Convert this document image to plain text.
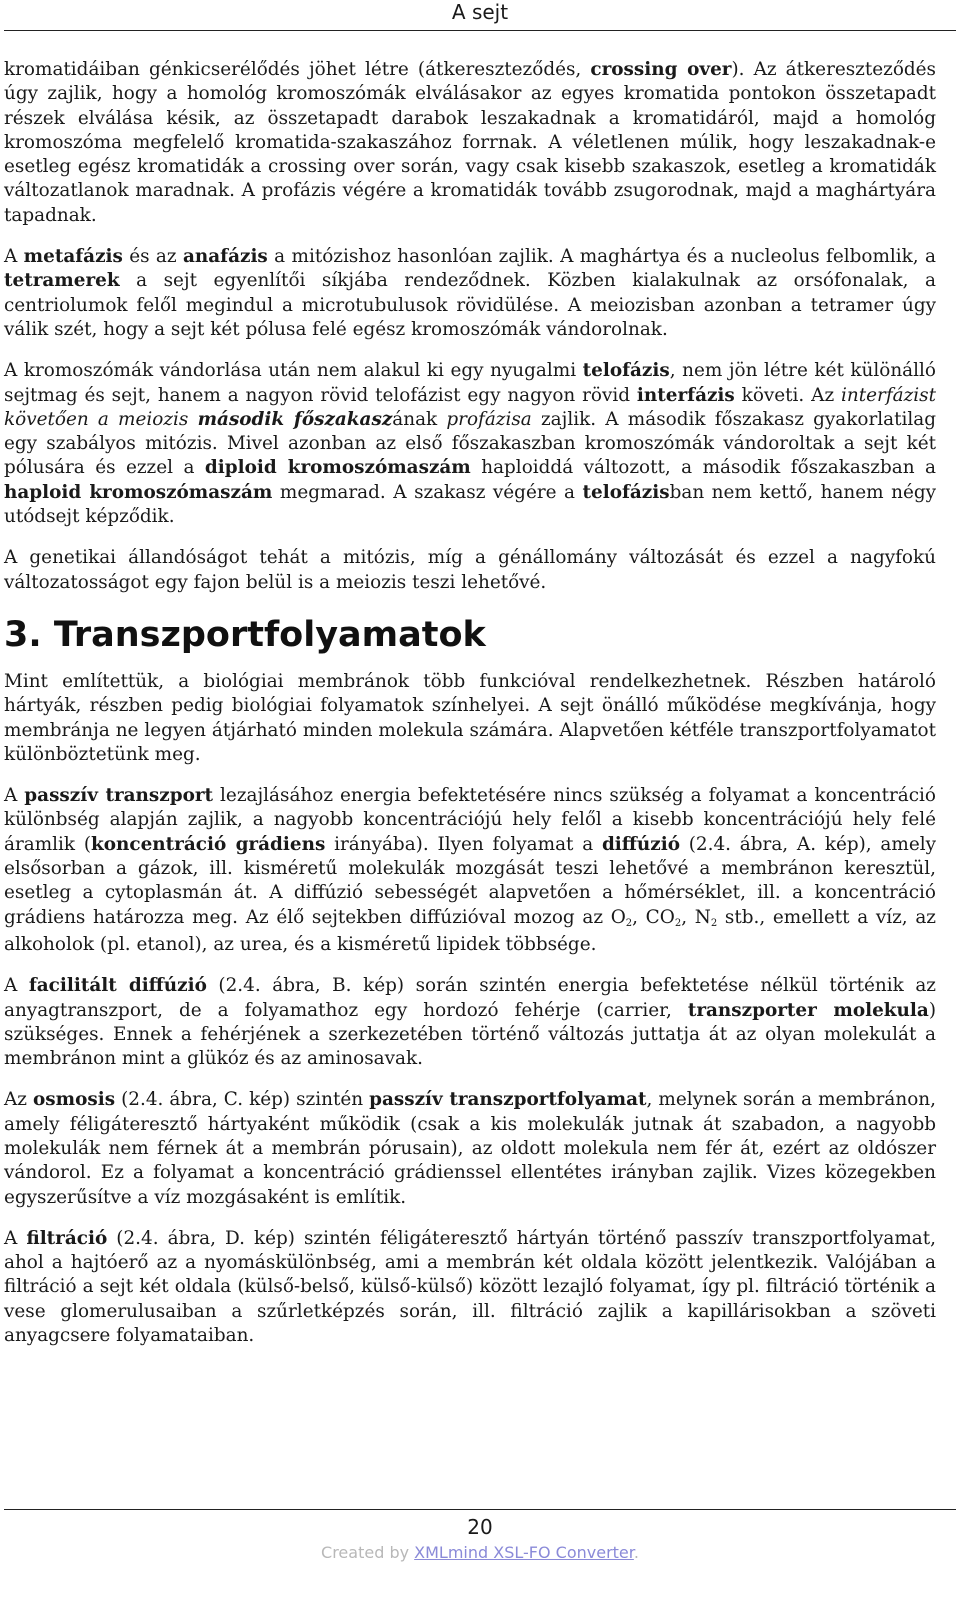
A sejt

kromatidáiban génkicserélődés jöhet létre (átkereszteződés, crossing over). Az átkereszteződés úgy zajlik, hogy a homológ kromoszómák elválásakor az egyes kromatida pontokon összetapadt részek elválása késik, az összetapadt darabok leszakadnak a kromatidáról, majd a homológ kromoszóma megfelelő kromatida-szakaszához forrnak. A véletlenen múlik, hogy leszakadnak-e esetleg egész kromatidák a crossing over során, vagy csak kisebb szakaszok, esetleg a kromatidák változatlanok maradnak. A profázis végére a kromatidák tovább zsugorodnak, majd a maghártyára tapadnak.

A metafázis és az anafázis a mitózishoz hasonlóan zajlik. A maghártya és a nucleolus felbomlik, a tetramerek a sejt egyenlítői síkjába rendeződnek. Közben kialakulnak az orsófonalak, a centriolumok felől megindul a microtubulusok rövidülése. A meiozisban azonban a tetramer úgy válik szét, hogy a sejt két pólusa felé egész kromoszómák vándorolnak.

A kromoszómák vándorlása után nem alakul ki egy nyugalmi telofázis, nem jön létre két különálló sejtmag és sejt, hanem a nagyon rövid telofázist egy nagyon rövid interfázis követi. Az interfázist követően a meiozis második főszakaszának profázisa zajlik. A második főszakasz gyakorlatilag egy szabályos mitózis. Mivel azonban az első főszakaszban kromoszómák vándoroltak a sejt két pólusára és ezzel a diploid kromoszómaszám haploiddá változott, a második főszakaszban a haploid kromoszómaszám megmarad. A szakasz végére a telofázisban nem kettő, hanem négy utódsejt képződik.

A genetikai állandóságot tehát a mitózis, míg a génállomány változását és ezzel a nagyfokú változatosságot egy fajon belül is a meiozis teszi lehetővé.

3. Transzportfolyamatok

Mint említettük, a biológiai membránok több funkcióval rendelkezhetnek. Részben határoló hártyák, részben pedig biológiai folyamatok színhelyei. A sejt önálló működése megkívánja, hogy membránja ne legyen átjárható minden molekula számára. Alapvetően kétféle transzportfolyamatot különböztetünk meg.

A passzív transzport lezajlásához energia befektetésére nincs szükség a folyamat a koncentráció különbség alapján zajlik, a nagyobb koncentrációjú hely felől a kisebb koncentrációjú hely felé áramlik (koncentráció grádiens irányába). Ilyen folyamat a diffúzió (2.4. ábra, A. kép), amely elsősorban a gázok, ill. kisméretű molekulák mozgását teszi lehetővé a membránon keresztül, esetleg a cytoplasmán át. A diffúzió sebességét alapvetően a hőmérséklet, ill. a koncentráció grádiens határozza meg. Az élő sejtekben diffúzióval mozog az $O_2$, $CO_2$, $N_2$ stb., emellett a víz, az alkoholok (pl. etanol), az urea, és a kisméretű lipidek többsége.

A facilitált diffúzió (2.4. ábra, B. kép) során szintén energia befektetése nélkül történik az anyagtranszport, de a folyamathoz egy hordozó fehérje (carrier, transzporter molekula) szükséges. Ennek a fehérjének a szerkezetében történő változás juttatja át az olyan molekulát a membránon mint a glükóz és az aminosavak.

Az osmosis (2.4. ábra, C. kép) szintén passzív transzportfolyamat, melynek során a membránon, amely féligáteresztő hártyaként működik (csak a kis molekulák jutnak át szabadon, a nagyobb molekulák nem férnek át a membrán pórusain), az oldott molekula nem fér át, ezért az oldószer vándorol. Ez a folyamat a koncentráció grádienssel ellentétes irányban zajlik. Vizes közegekben egyszerűsítve a víz mozgásaként is említik.

A filtráció (2.4. ábra, D. kép) szintén féligáteresztő hártyán történő passzív transzportfolyamat, ahol a hajtóerő az a nyomáskülönbség, ami a membrán két oldala között jelentkezik. Valójában a filtráció a sejt két oldala (külső-belső, külső-külső) között lezajló folyamat, így pl. filtráció történik a vese glomerulusaiban a szűrletképzés során, ill. filtráció zajlik a kapillárisokban a szöveti anyagcsere folyamataiban.

20
Created by XMLmind XSL-FO Converter.
